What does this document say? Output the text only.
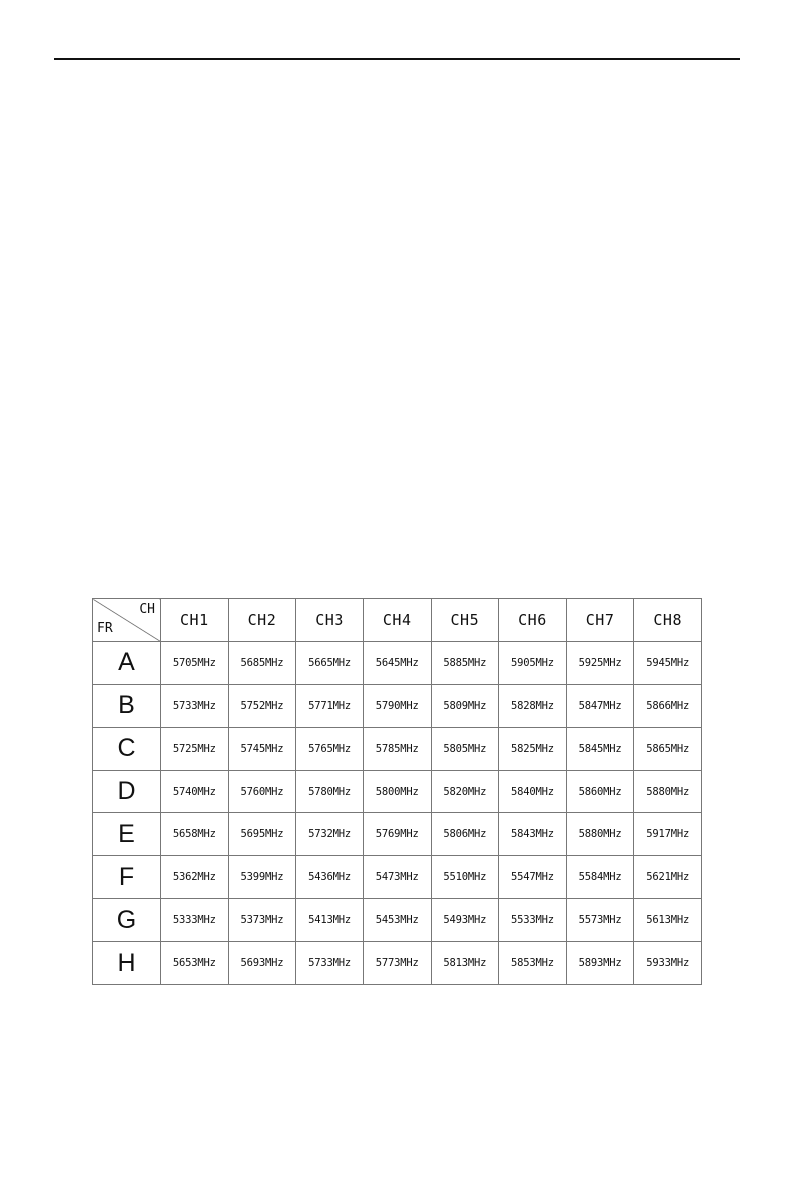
CH
FR	CH1	CH2	CH3	CH4	CH5	CH6	CH7	CH8
A	5705MHz	5685MHz	5665MHz	5645MHz	5885MHz	5905MHz	5925MHz	5945MHz
B	5733MHz	5752MHz	5771MHz	5790MHz	5809MHz	5828MHz	5847MHz	5866MHz
C	5725MHz	5745MHz	5765MHz	5785MHz	5805MHz	5825MHz	5845MHz	5865MHz
D	5740MHz	5760MHz	5780MHz	5800MHz	5820MHz	5840MHz	5860MHz	5880MHz
E	5658MHz	5695MHz	5732MHz	5769MHz	5806MHz	5843MHz	5880MHz	5917MHz
F	5362MHz	5399MHz	5436MHz	5473MHz	5510MHz	5547MHz	5584MHz	5621MHz
G	5333MHz	5373MHz	5413MHz	5453MHz	5493MHz	5533MHz	5573MHz	5613MHz
H	5653MHz	5693MHz	5733MHz	5773MHz	5813MHz	5853MHz	5893MHz	5933MHz
